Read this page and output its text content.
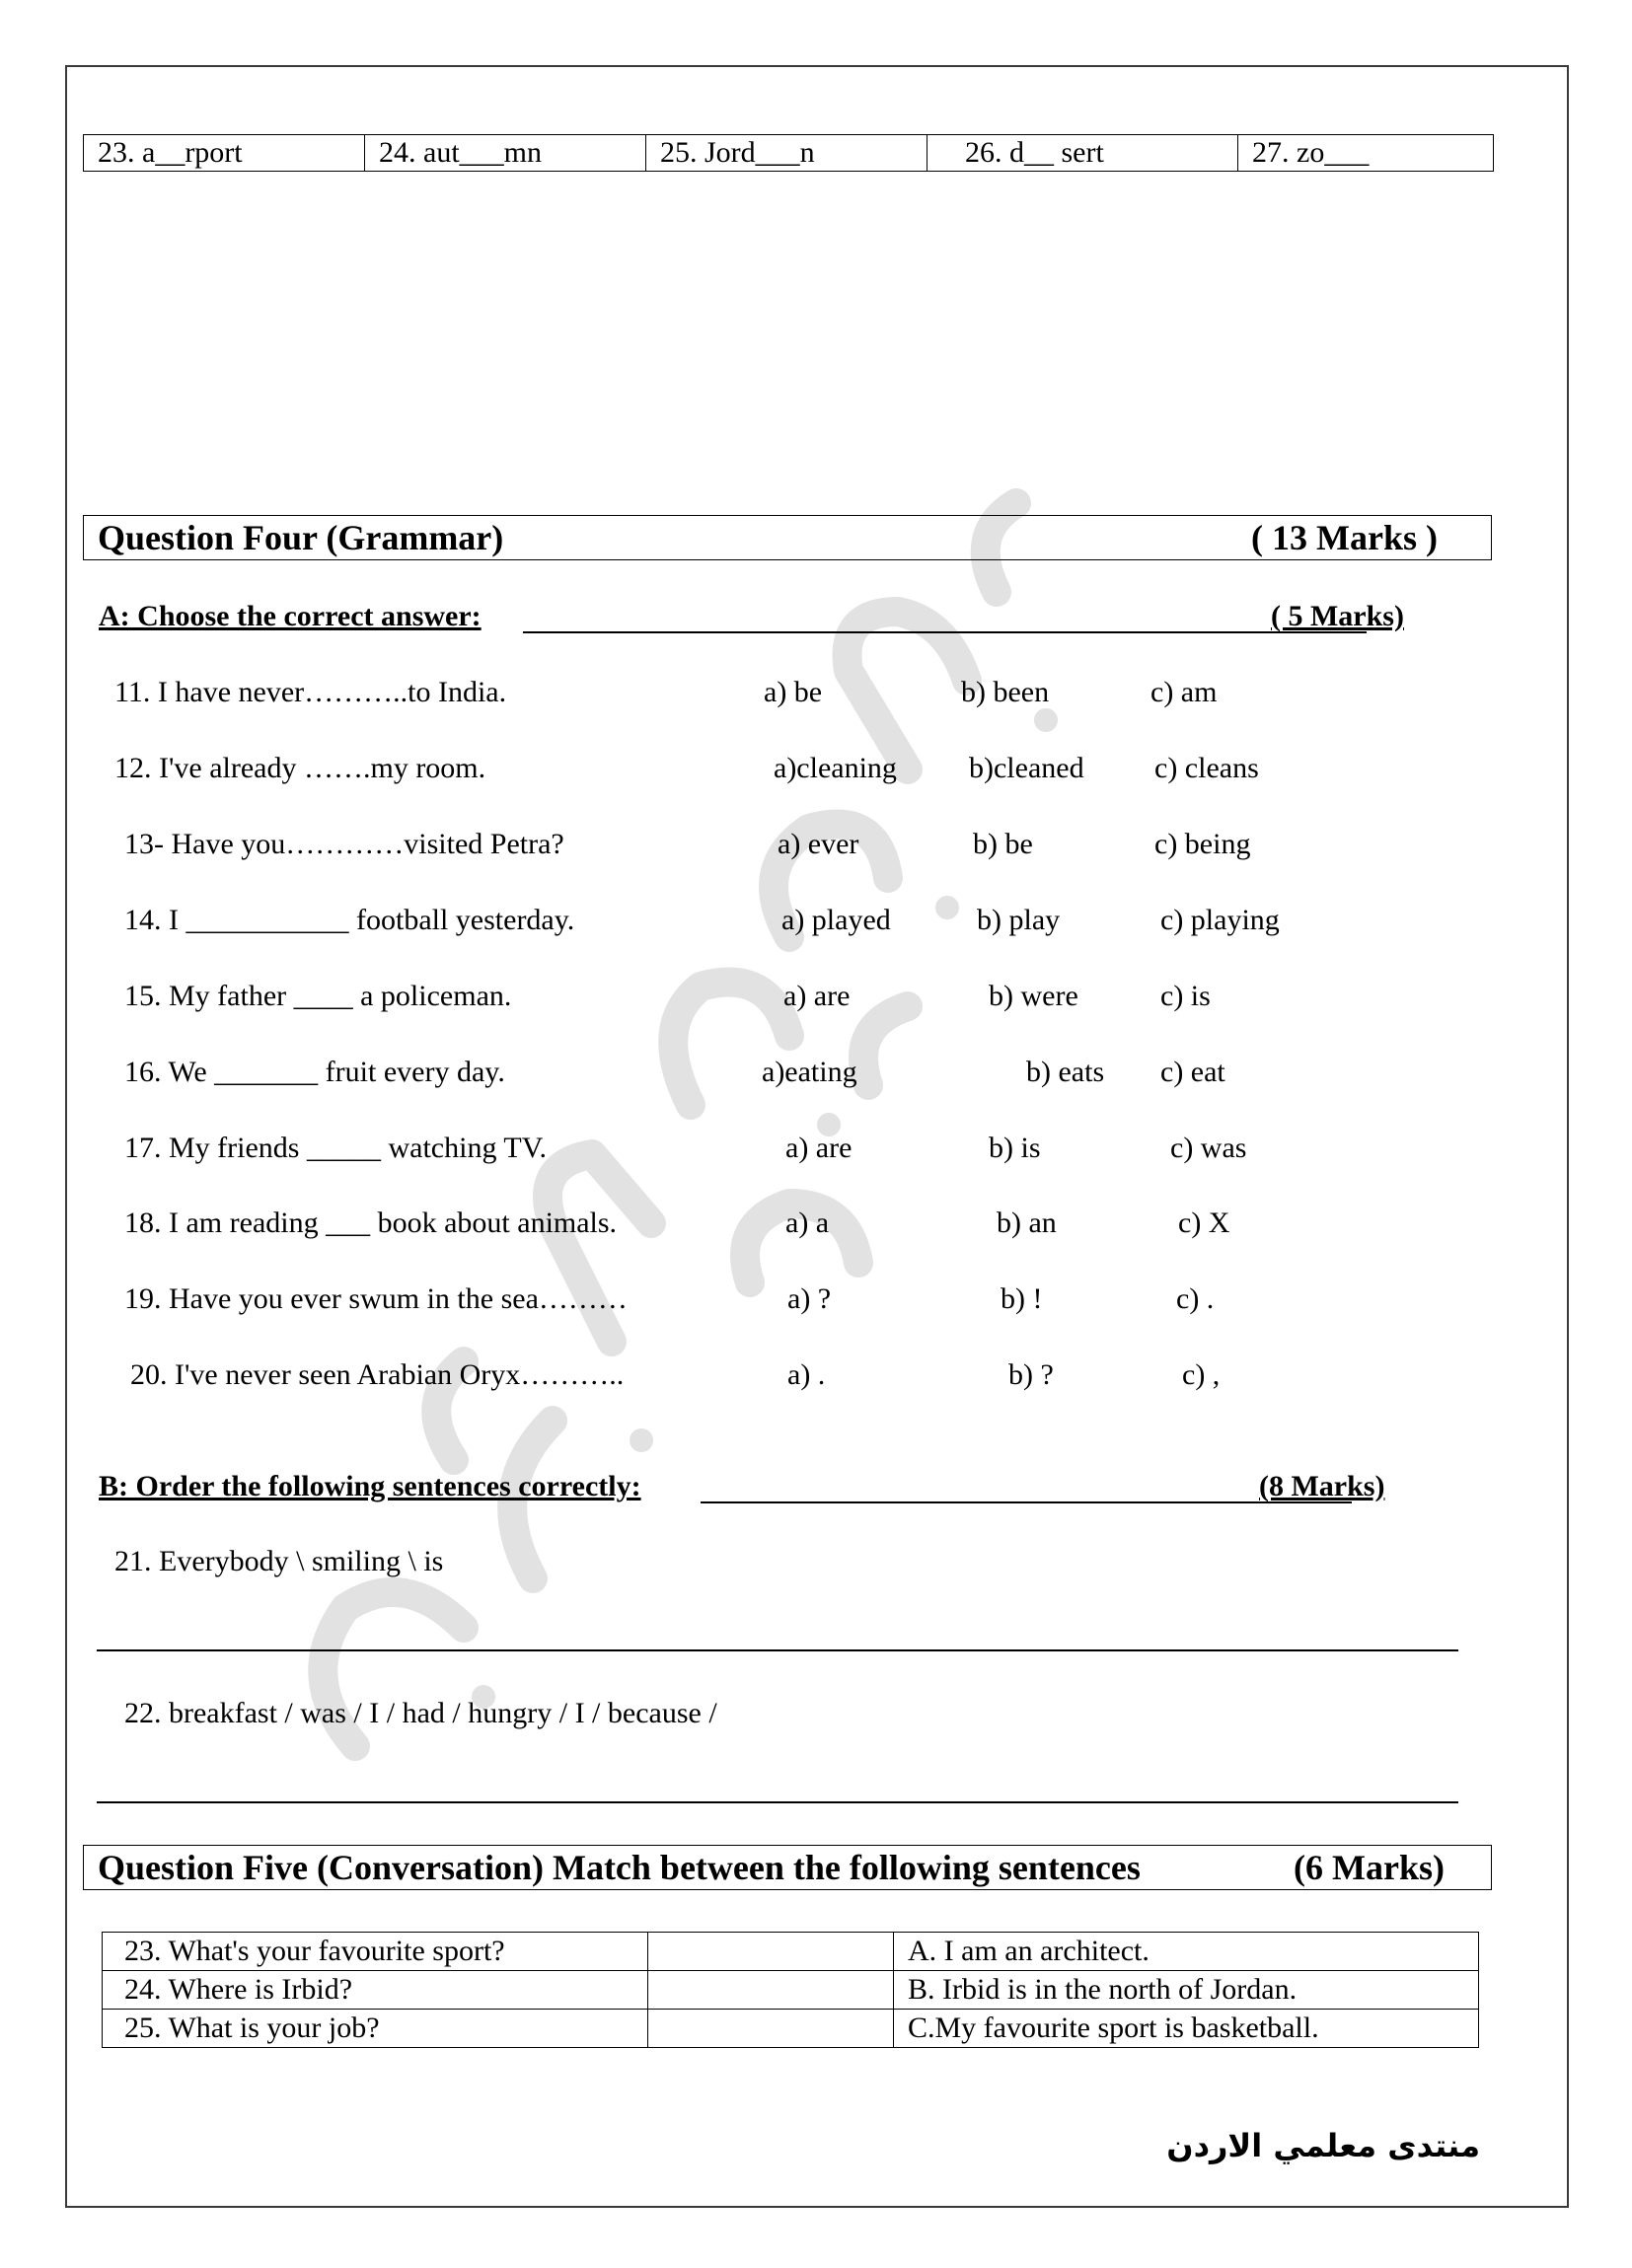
23. a__rport	24. aut___mn	25. Jord___n	26. d__ sert	27. zo___
Question Four (Grammar)	( 13 Marks )
A: Choose the correct answer:	( 5 Marks)
11. I have never………..to India.	a) be	b) been	c) am
12. I've already …….my room.	a)cleaning b)cleaned c) cleans
13- Have you…………visited Petra?	a) ever	b) be	c) being
14. I ___________ football yesterday.	a) played	b) play	c) playing
15. My father ____ a policeman.	a) are	b) were	c) is
16. We _______ fruit every day.	a)eating	b) eats c) eat
17. My friends _____ watching TV.	a) are	b) is	c) was
18. I am reading ___ book about animals.	a) a	b) an	c) X
19. Have you ever swum in the sea………	a) ?	b) !	c) .
20. I've never seen Arabian Oryx………..	a) .	b) ?	c) ,
B: Order the following sentences correctly:	(8 Marks)
21. Everybody \ smiling \ is
22. breakfast / was / I / had / hungry / I / because /
Question Five (Conversation) Match between the following sentences	(6 Marks)
23. What's your favourite sport?		A. I am an architect.
24. Where is Irbid?		B. Irbid is in the north of Jordan.
25. What is your job?		C.My favourite sport is basketball.
منتدى معلمي الاردن
